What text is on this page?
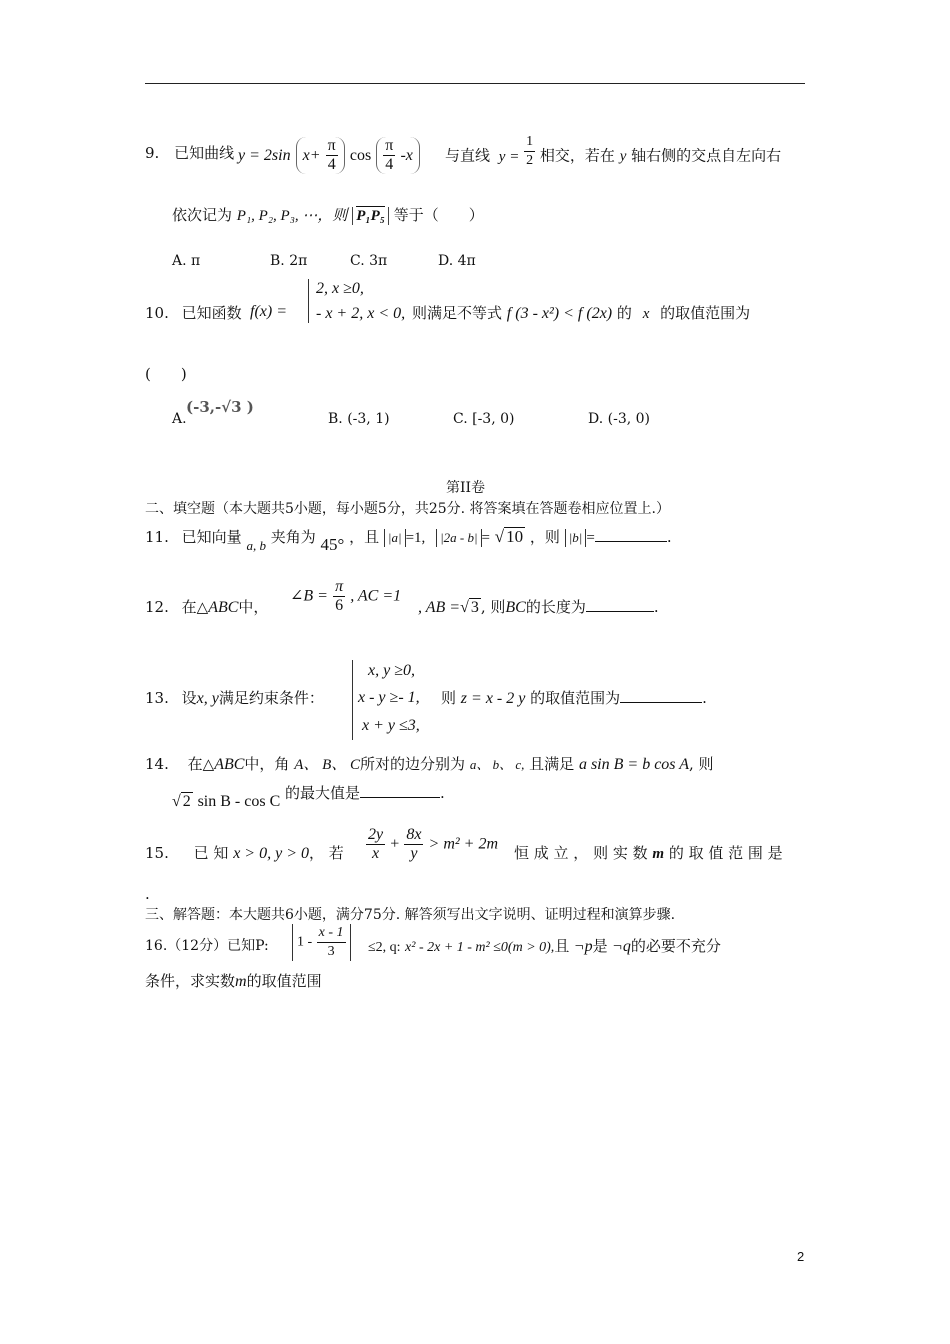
9. 已知曲线 y = 2sin $x+ \frac{\pi}{4}$ $\cos \frac{\pi}{4} -x$	与直线 $y = \frac{1}{2}$ 相交，若在 y 轴右侧的交点自左向右
依次记为 P₁, P₂, P₃, ⋯，则 P₁P₅ 等于（　　）
A. π	B. 2π	C. 3π	D. 4π
10. 已知函数 f(x) =
2, x ≥0,
- x + 2, x < 0, 则满足不等式 f (3 - x²) < f (2x) 的 x 的取值范围为
(　　)
A.
(-3,-√3 )
B. (-3, 1)	C. [-3, 0)	D. (-3, 0)
第II卷
二、填空题（本大题共5小题，每小题5分，共25分. 将答案填在答题卷相应位置上.）
11. 已知向量 a, b 夹角为 45° ，且 |a| =1, |2a - b| = √ 10 ，则 |b| =	.
12. 在△ABC中，
∠B = $\frac{\pi}{6}$ , AC =1
, AB =√ 3 , 则BC的长度为	.
13. 设x, y满足约束条件：
x, y ≥0,
x - y ≥- 1,
x + y ≤3,
则 z = x - 2 y 的取值范围为	.
14. 在△ABC中，角 A、 B、 C所对的边分别为 a、 b、 c, 且满足 a sin B = b cos A, 则
√ 2 sin B - cos C 的最大值是	.
15. 已 知 x > 0, y > 0， 若 $\frac{2y}{x} + \frac{8x}{y} > m^2 + 2m$ 恒 成 立 ， 则 实 数 m 的 取 值 范 围 是
.
三、解答题：本大题共6小题，满分75分. 解答须写出文字说明、证明过程和演算步骤.
16.（12分）已知P:	$1 - \frac{x - 1}{3} \le 2$, q: x² - 2x + 1 - m² ≤0(m > 0),且 ¬p是 ¬q的必要不充分
条件，求实数m的取值范围
2
